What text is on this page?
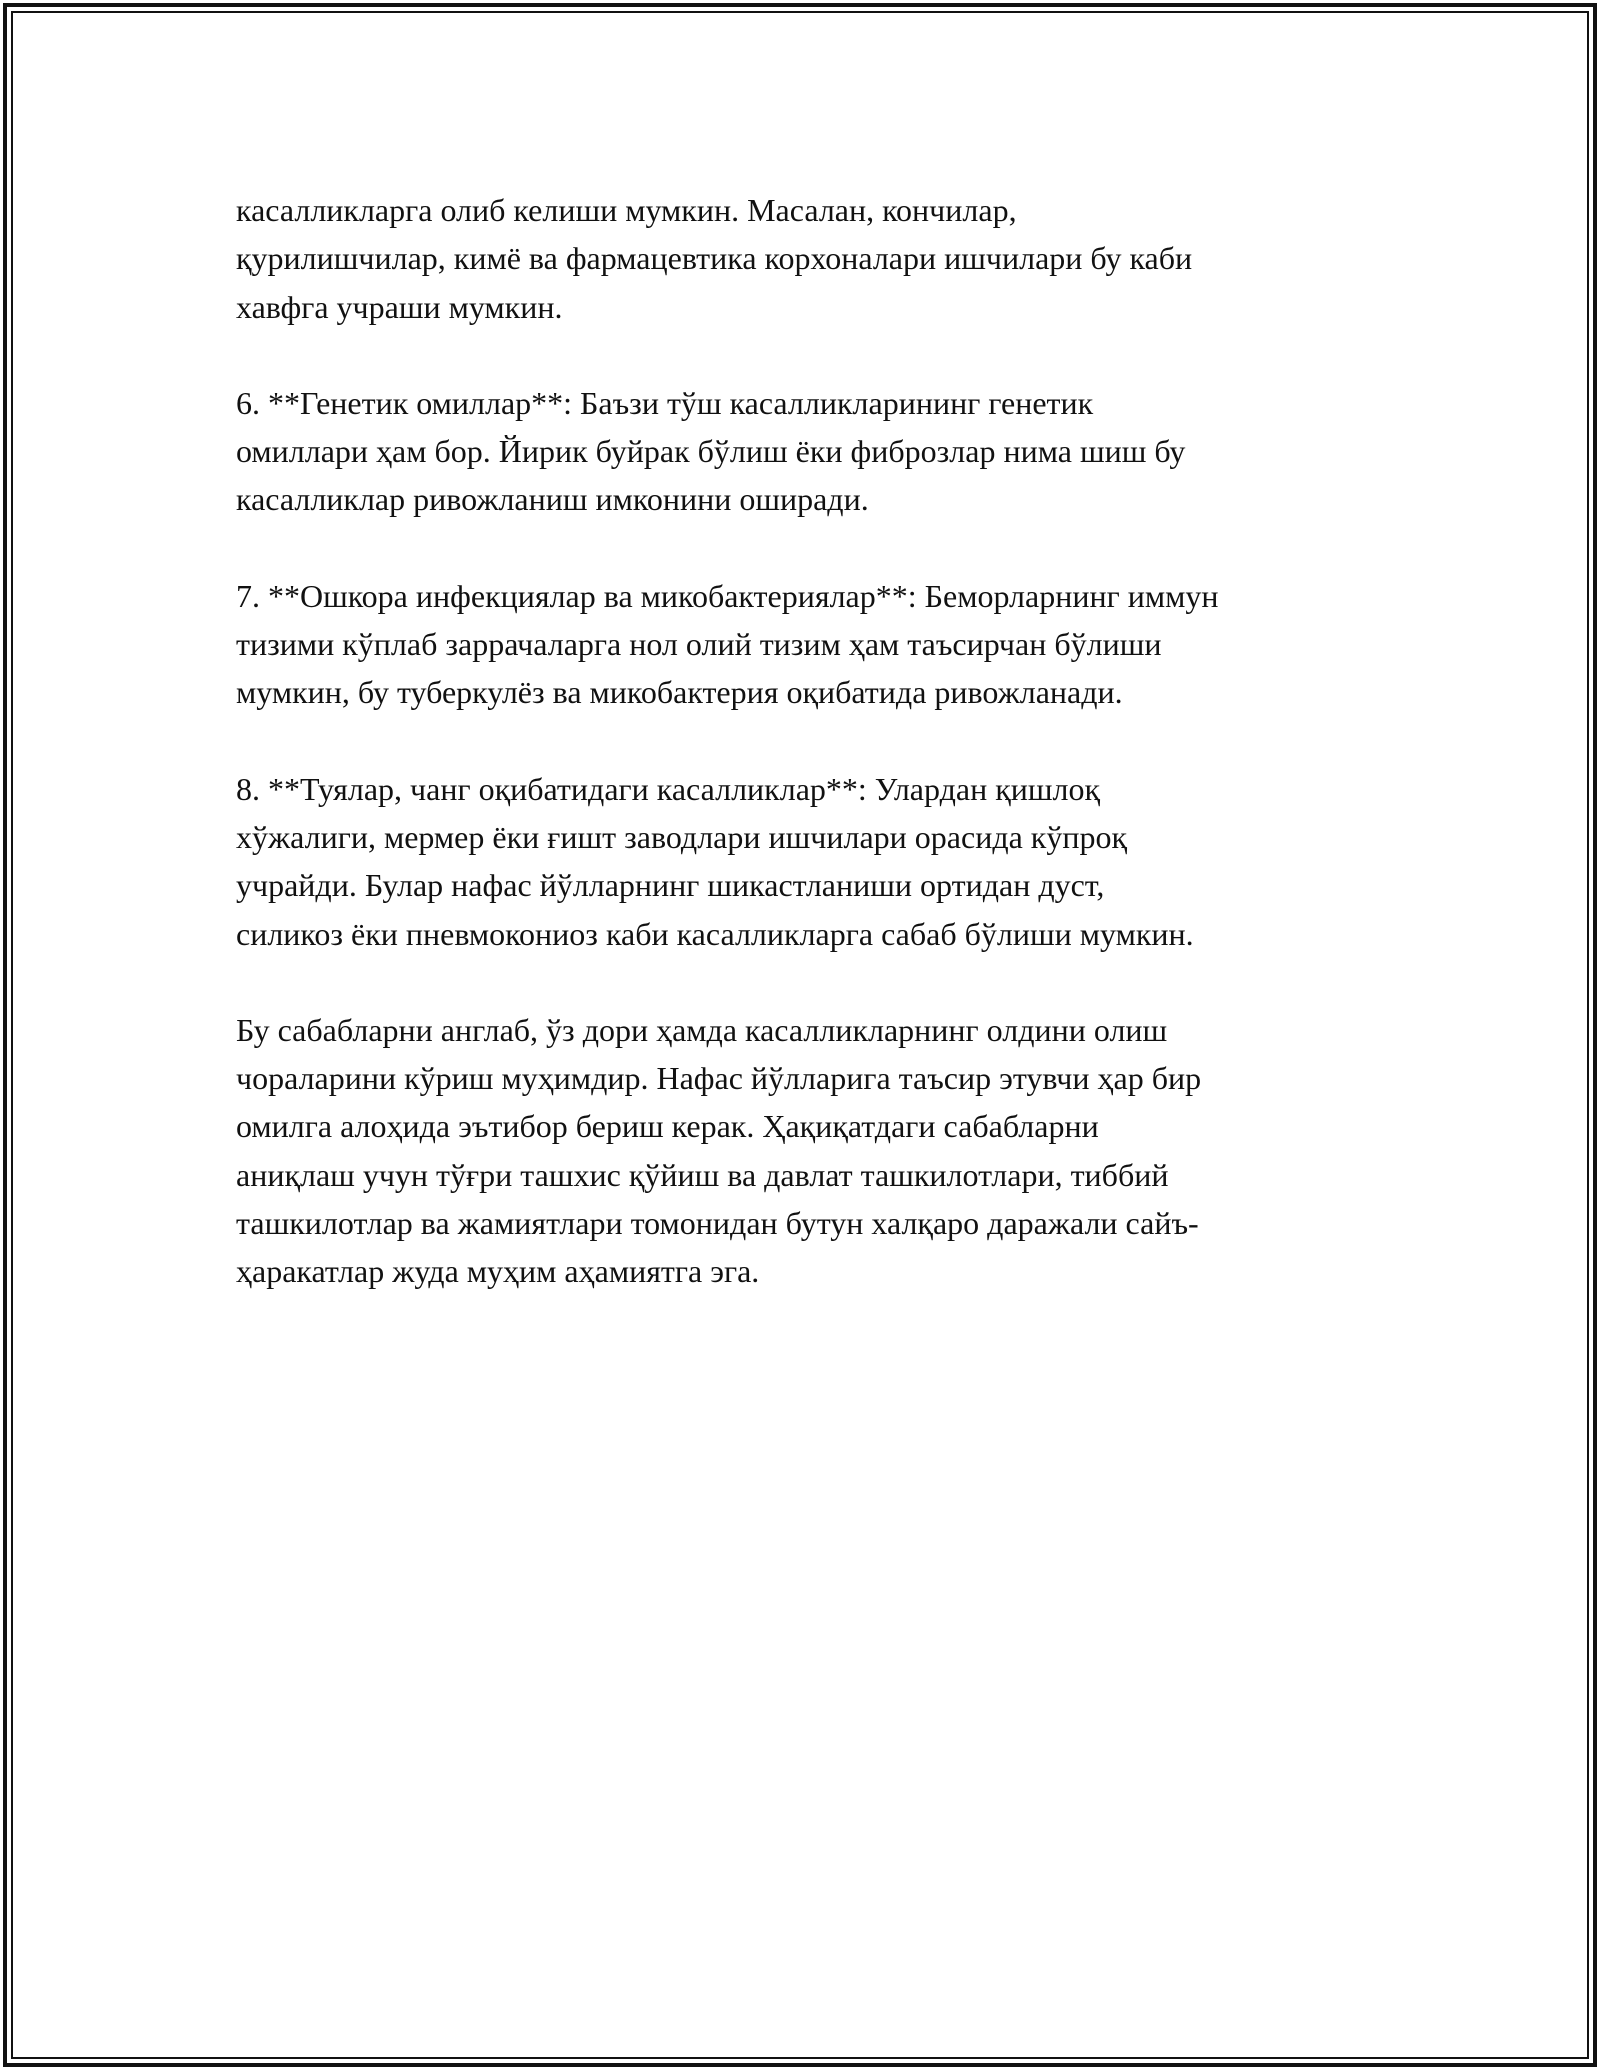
касалликларга олиб келиши мумкин. Масалан, кончилар,
қурилишчилар, кимё ва фармацевтика корхоналари ишчилари бу каби
хавфга учраши мумкин.

6. **Генетик омиллар**: Баъзи тўш касалликларининг генетик
омиллари ҳам бор. Йирик буйрак бўлиш ёки фиброзлар нима шиш бу
касалликлар ривожланиш имконини оширади.

7. **Ошкора инфекциялар ва микобактериялар**: Беморларнинг иммун
тизими кўплаб заррачаларга нол олий тизим ҳам таъсирчан бўлиши
мумкин, бу туберкулёз ва микобактерия оқибатида ривожланади.

8. **Туялар, чанг оқибатидаги касалликлар**: Улардан қишлоқ
хўжалиги, мермер ёки ғишт заводлари ишчилари орасида кўпроқ
учрайди. Булар нафас йўлларнинг шикастланиши ортидан дуст,
силикоз ёки пневмокониоз каби касалликларга сабаб бўлиши мумкин.

Бу сабабларни англаб, ўз дори ҳамда касалликларнинг олдини олиш
чораларини кўриш муҳимдир. Нафас йўлларига таъсир этувчи ҳар бир
омилга алоҳида эътибор бериш керак. Ҳақиқатдаги сабабларни
аниқлаш учун тўғри ташхис қўйиш ва давлат ташкилотлари, тиббий
ташкилотлар ва жамиятлари томонидан бутун халқаро даражали сайъ-
ҳаракатлар жуда муҳим аҳамиятга эга.
